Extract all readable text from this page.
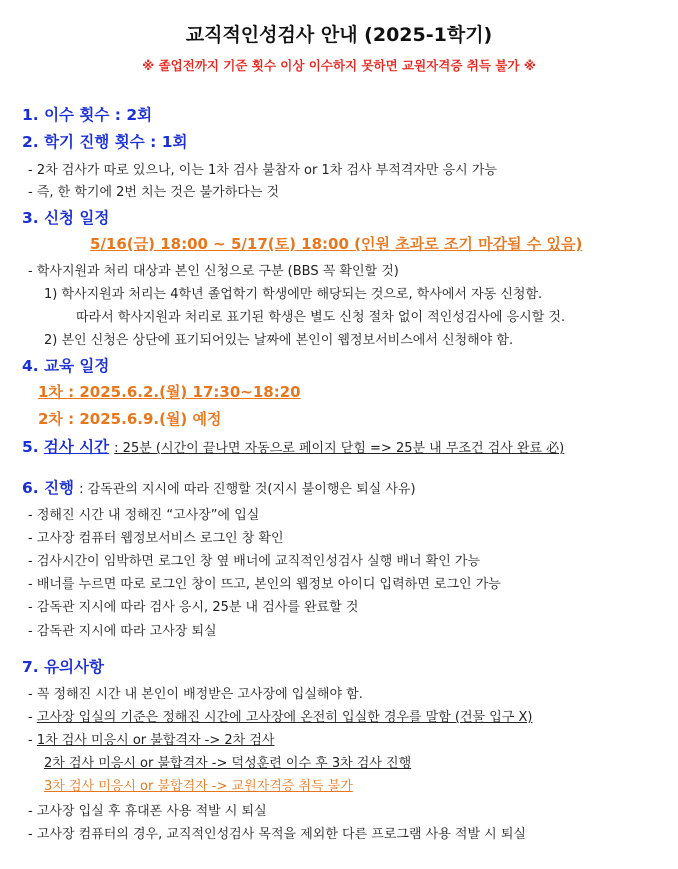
교직적인성검사 안내 (2025-1학기)
※ 졸업전까지 기준 횟수 이상 이수하지 못하면 교원자격증 취득 불가 ※
1. 이수 횟수 : 2회
2. 학기 진행 횟수 : 1회
- 2차 검사가 따로 있으나, 이는 1차 검사 불참자 or 1차 검사 부적격자만 응시 가능
- 즉, 한 학기에 2번 치는 것은 불가하다는 것
3. 신청 일정
5/16(금) 18:00 ~ 5/17(토) 18:00 (인원 초과로 조기 마감될 수 있음)
- 학사지원과 처리 대상과 본인 신청으로 구분 (BBS 꼭 확인할 것)
1) 학사지원과 처리는 4학년 졸업학기 학생에만 해당되는 것으로, 학사에서 자동 신청함.
따라서 학사지원과 처리로 표기된 학생은 별도 신청 절차 없이 적인성검사에 응시할 것.
2) 본인 신청은 상단에 표기되어있는 날짜에 본인이 웹정보서비스에서 신청해야 함.
4. 교육 일정
1차 : 2025.6.2.(월) 17:30~18:20
2차 : 2025.6.9.(월) 예정
5. 검사 시간 : 25분 (시간이 끝나면 자동으로 페이지 닫힘 => 25분 내 무조건 검사 완료 必)
6. 진행 : 감독관의 지시에 따라 진행할 것(지시 불이행은 퇴실 사유)
- 정해진 시간 내 정해진 “고사장”에 입실
- 고사장 컴퓨터 웹정보서비스 로그인 창 확인
- 검사시간이 임박하면 로그인 창 옆 배너에 교직적인성검사 실행 배너 확인 가능
- 배너를 누르면 따로 로그인 창이 뜨고, 본인의 웹정보 아이디 입력하면 로그인 가능
- 감독관 지시에 따라 검사 응시, 25분 내 검사를 완료할 것
- 감독관 지시에 따라 고사장 퇴실
7. 유의사항
- 꼭 정해진 시간 내 본인이 배정받은 고사장에 입실해야 함.
- 고사장 입실의 기준은 정해진 시간에 고사장에 온전히 입실한 경우를 말함 (건물 입구 X)
- 1차 검사 미응시 or 불합격자 -> 2차 검사
2차 검사 미응시 or 불합격자 -> 덕성훈련 이수 후 3차 검사 진행
3차 검사 미응시 or 불합격자 -> 교원자격증 취득 불가
- 고사장 입실 후 휴대폰 사용 적발 시 퇴실
- 고사장 컴퓨터의 경우, 교직적인성검사 목적을 제외한 다른 프로그램 사용 적발 시 퇴실
